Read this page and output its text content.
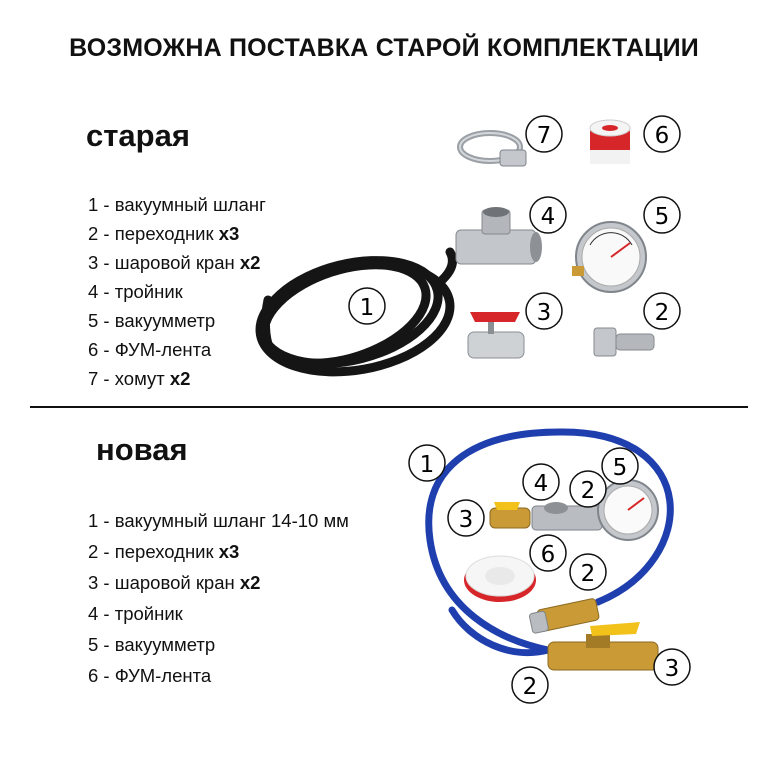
ВОЗМОЖНА ПОСТАВКА СТАРОЙ КОМПЛЕКТАЦИИ
старая
1 - вакуумный шланг
2 - переходник х3
3 - шаровой кран х2
4 - тройник
5 - вакуумметр
6 - ФУМ-лента
7 - хомут х2
новая
1 - вакуумный шланг 14-10 мм
2 - переходник х3
3 - шаровой кран х2
4 - тройник
5 - вакуумметр
6 - ФУМ-лента
1	2
3
4	5
6
7
1
4 2
5
3
6
2
2
3
